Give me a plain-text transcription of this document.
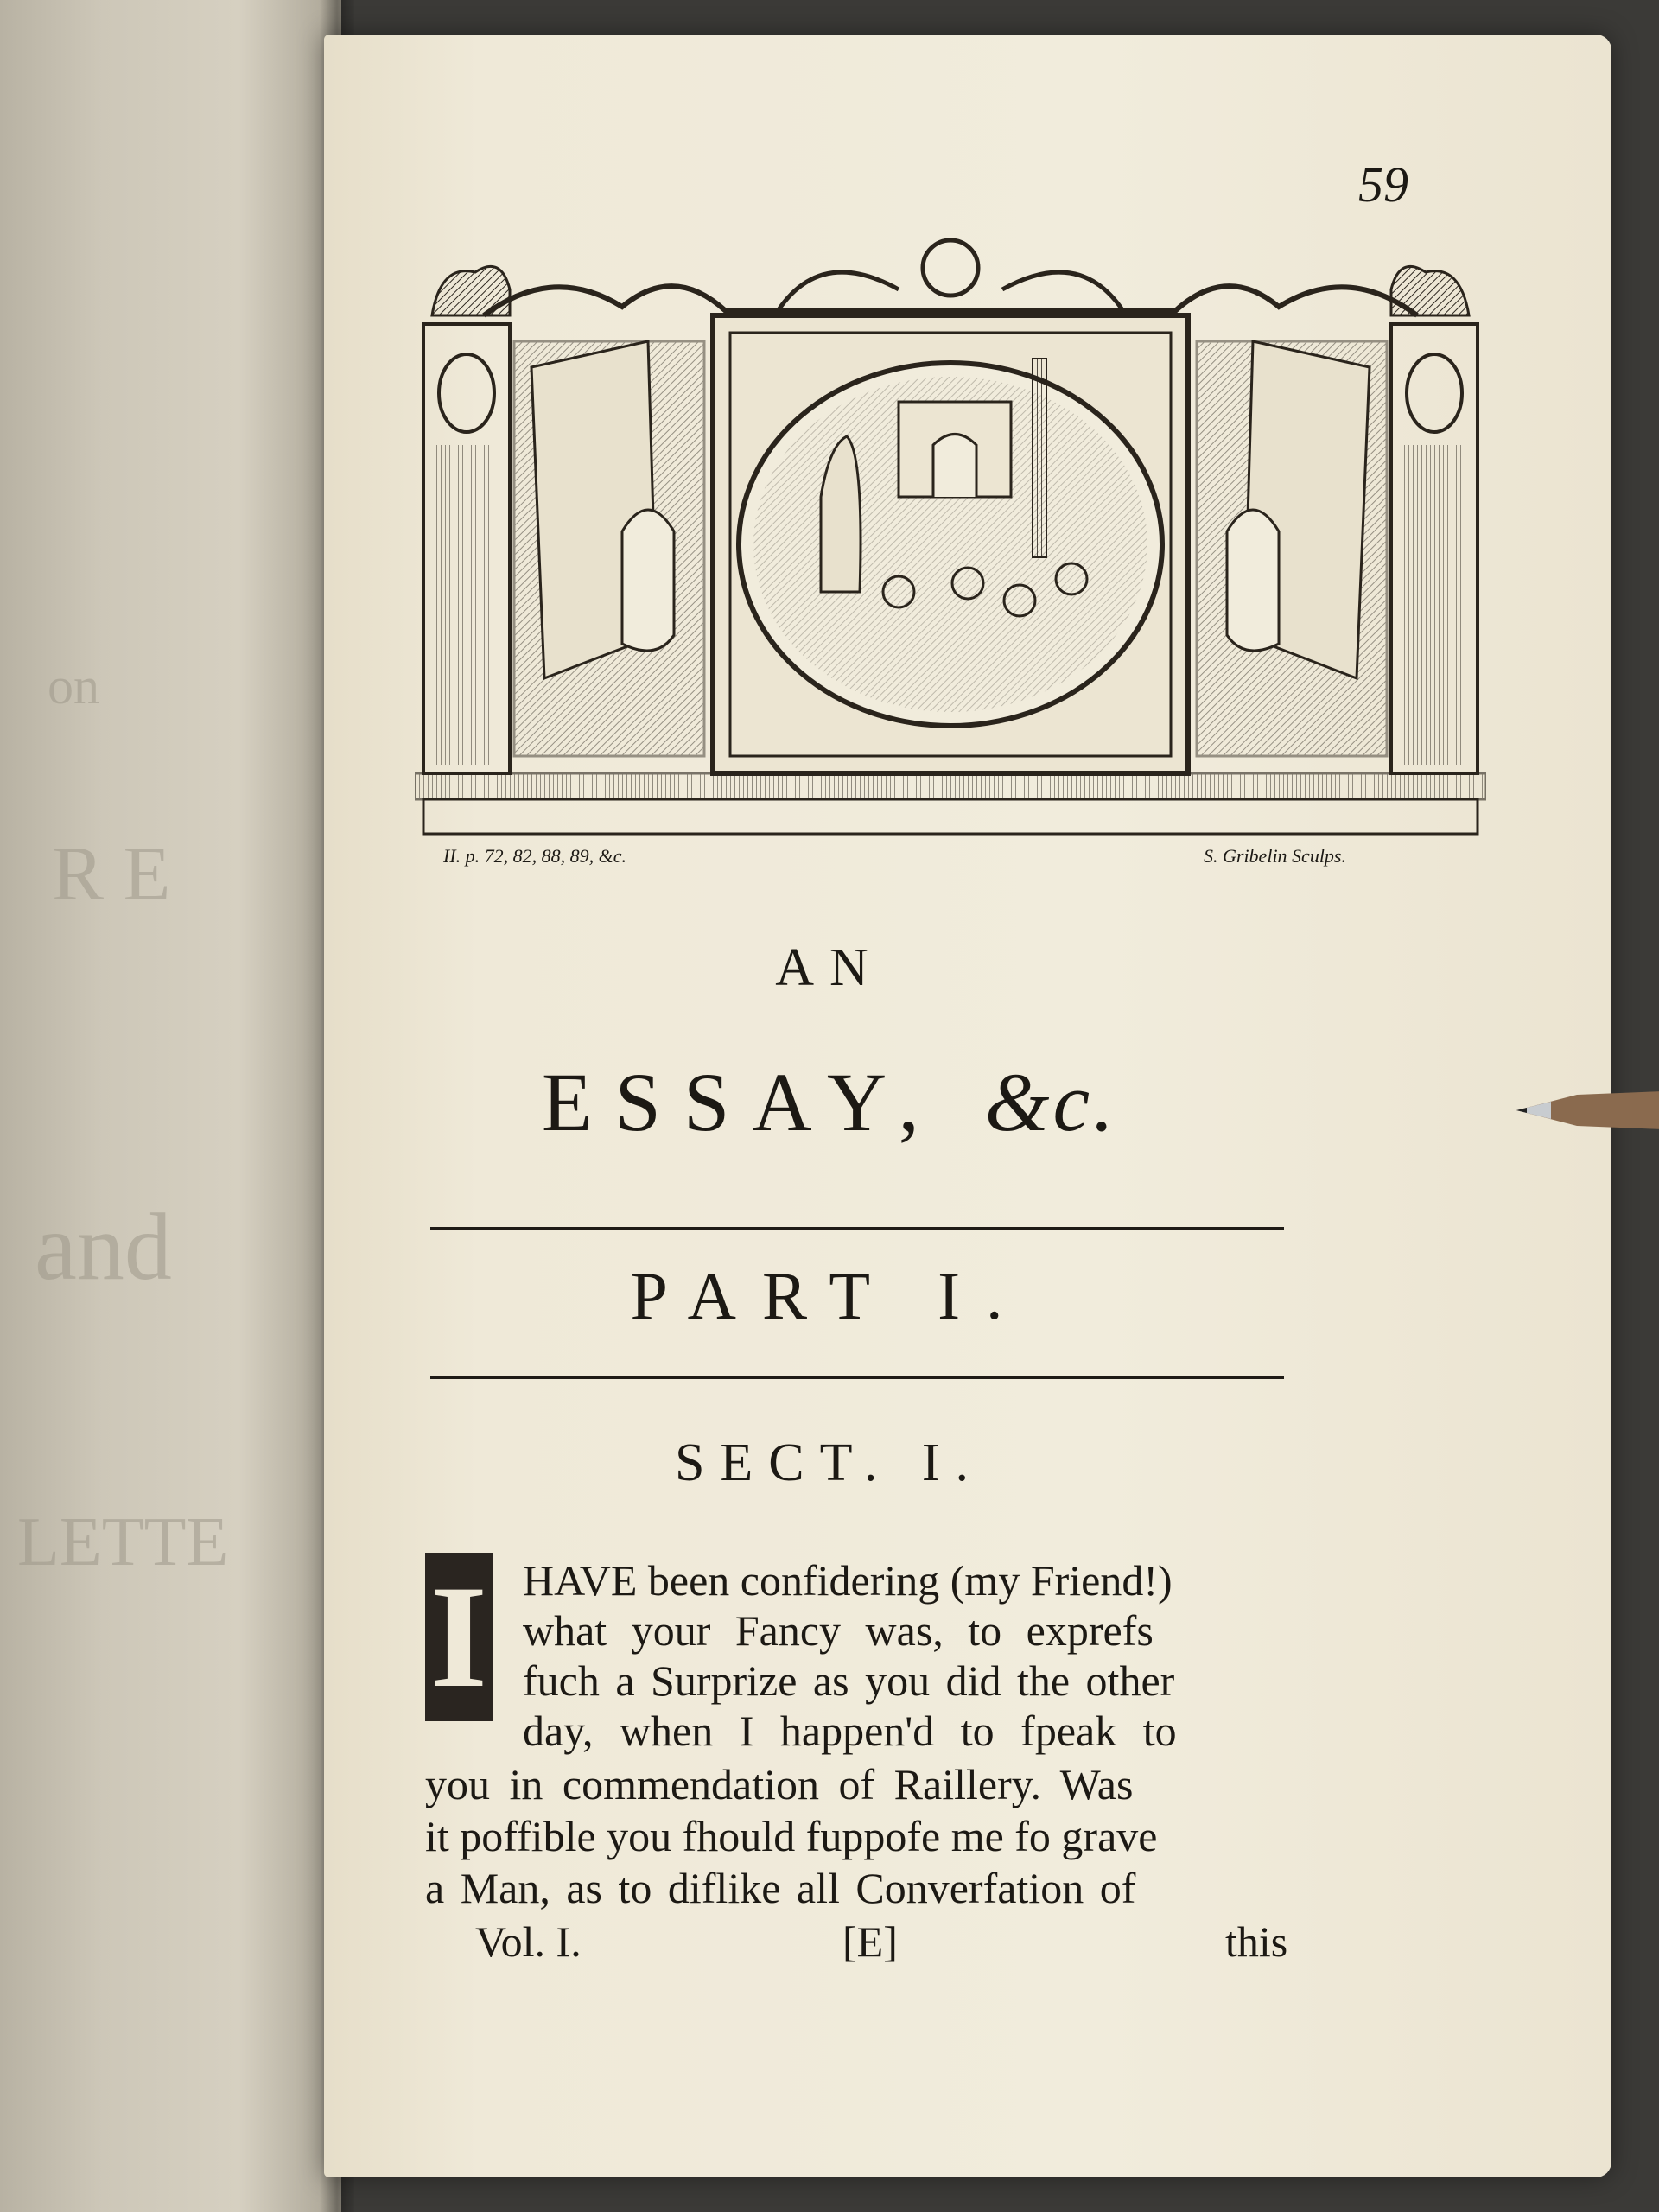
on
and
LETTE
R E
59
II. p. 72, 82, 88, 89, &c.	S. Gribelin Sculps.
AN
ESSAY, &c.
PART I.
SECT. I.
I HAVE been confidering (my Friend!)
what your Fancy was, to exprefs
fuch a Surprize as you did the other
day, when I happen'd to fpeak to
you in commendation of Raillery. Was
it poffible you fhould fuppofe me fo grave
a Man, as to diflike all Converfation of
Vol. I.	[E]	this
